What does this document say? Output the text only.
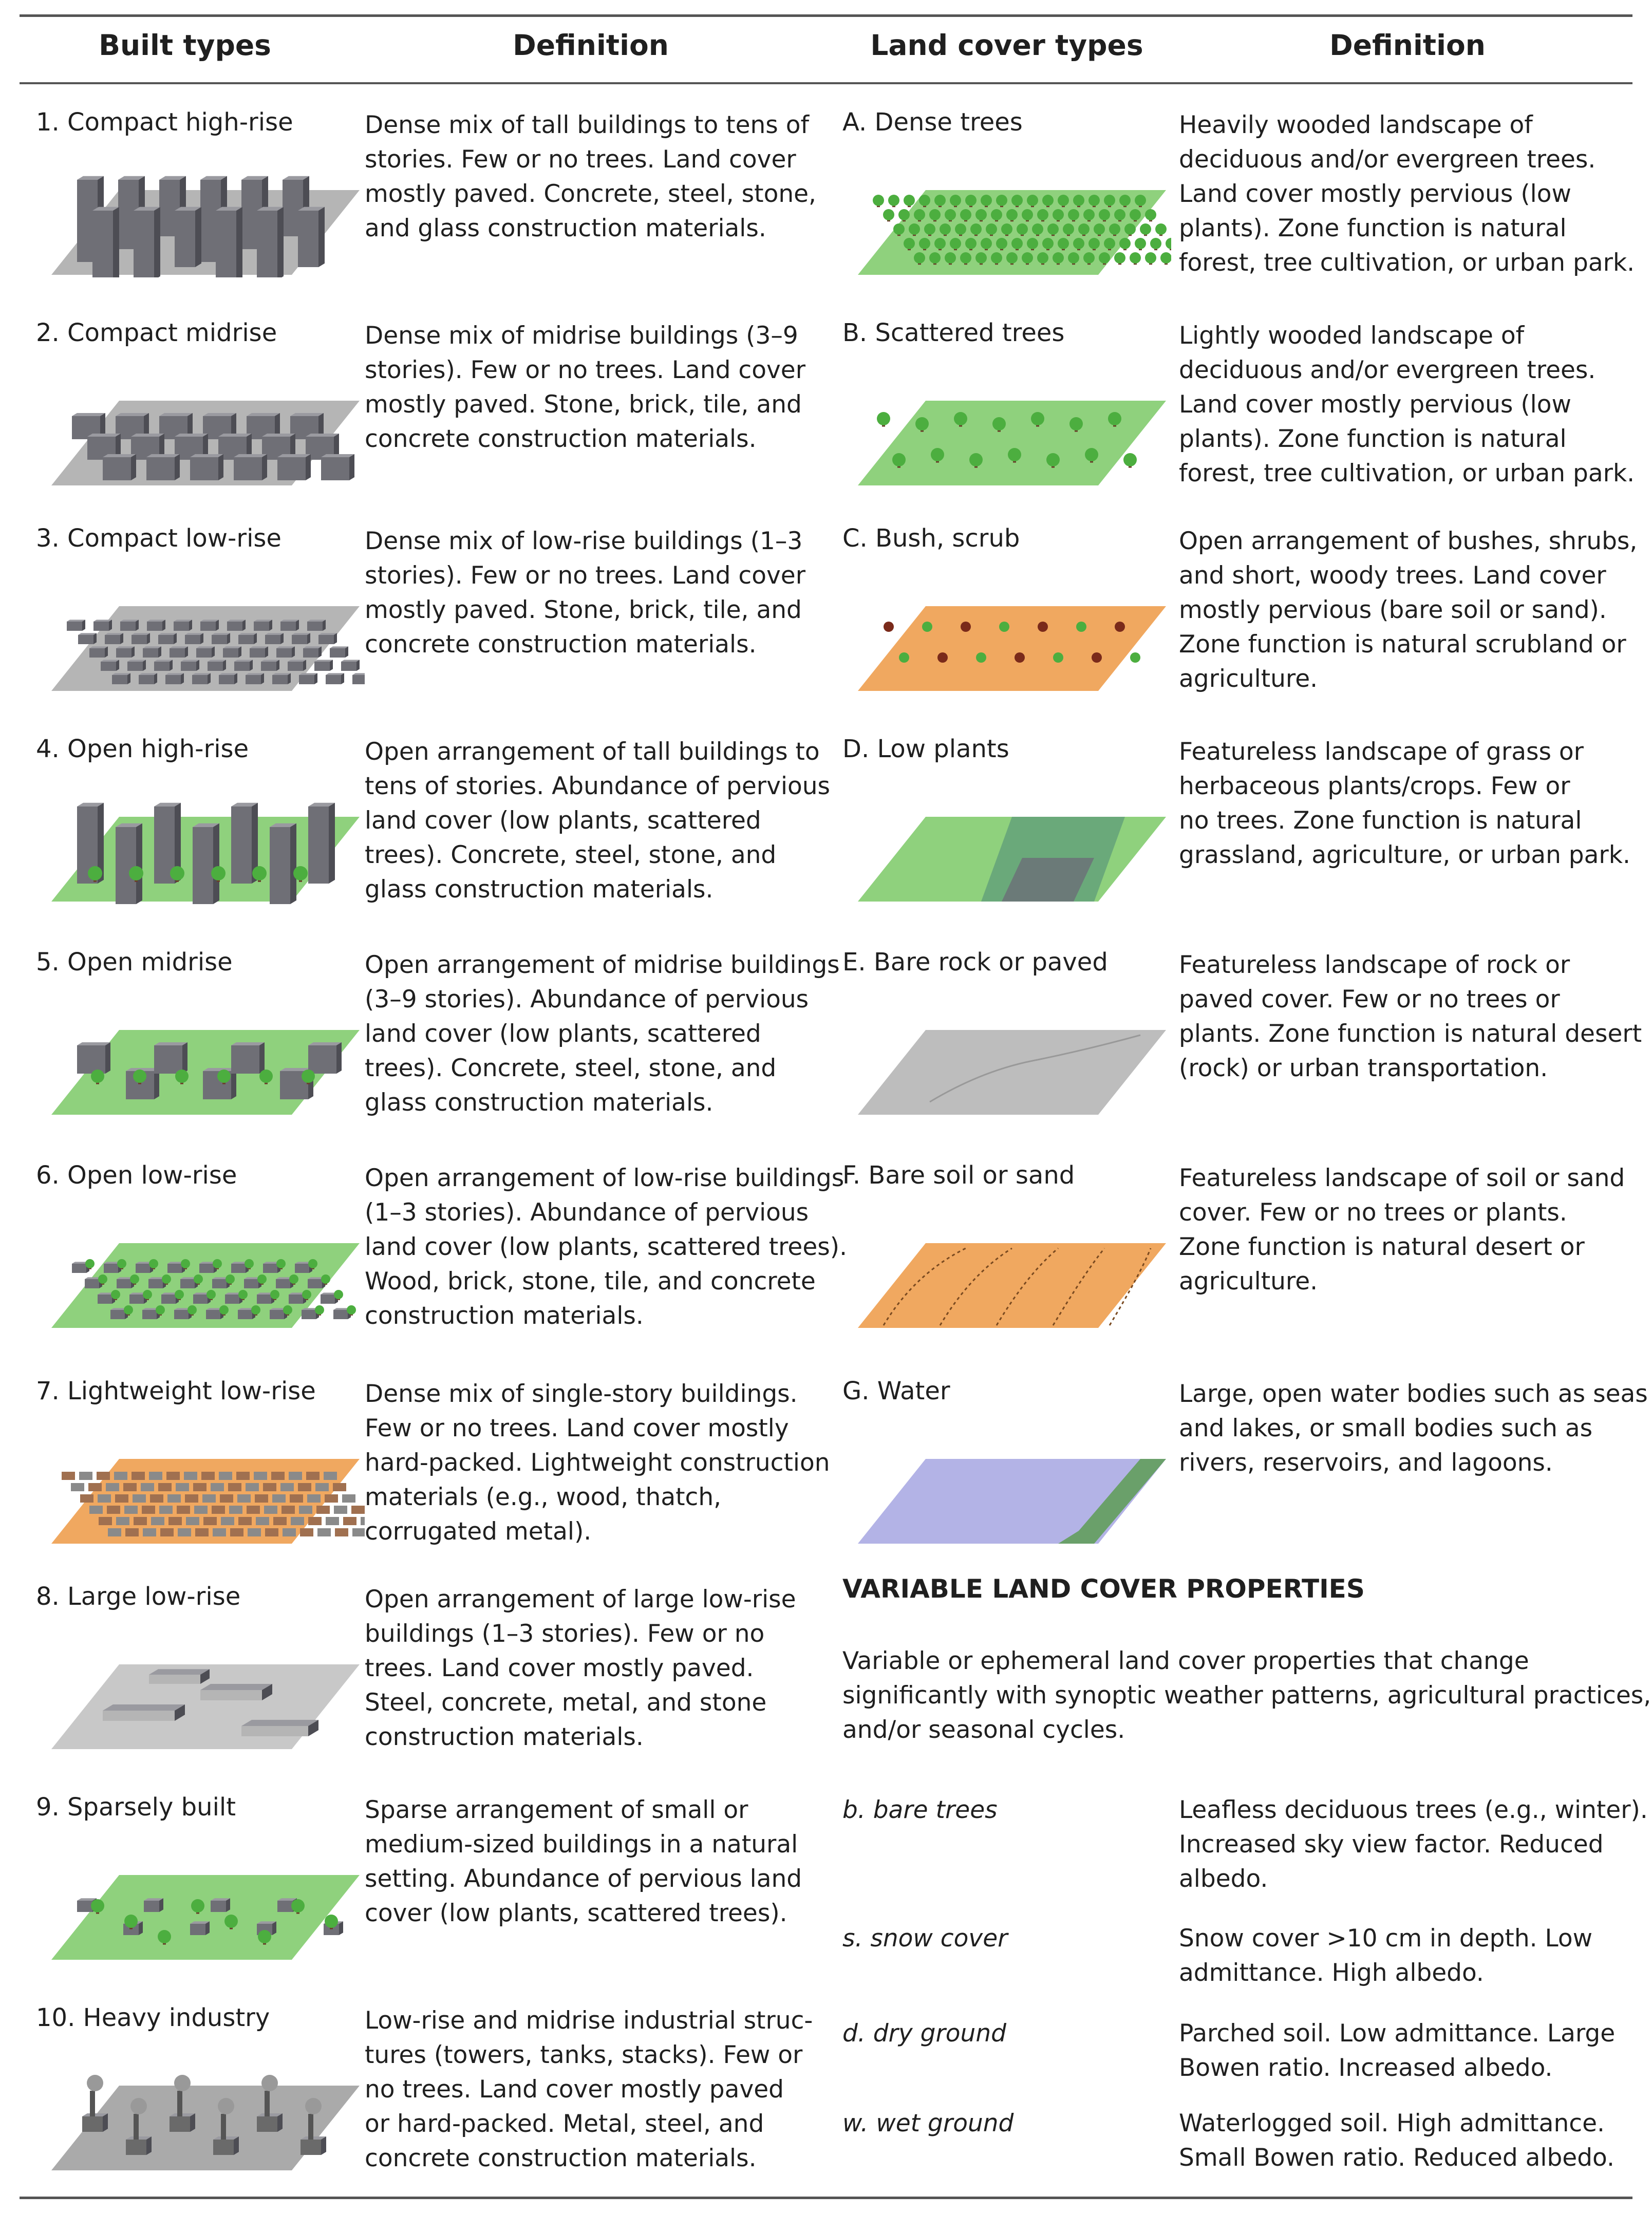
Built types	Definition	Land cover types	Definition
1. Compact high-rise	Dense mix of tall buildings to tens of
stories. Few or no trees. Land cover
mostly paved. Concrete, steel, stone,
and glass construction materials.
2. Compact midrise	Dense mix of midrise buildings (3–9
stories). Few or no trees. Land cover
mostly paved. Stone, brick, tile, and
concrete construction materials.
3. Compact low-rise	Dense mix of low-rise buildings (1–3
stories). Few or no trees. Land cover
mostly paved. Stone, brick, tile, and
concrete construction materials.
4. Open high-rise	Open arrangement of tall buildings to
tens of stories. Abundance of pervious
land cover (low plants, scattered
trees). Concrete, steel, stone, and
glass construction materials.
5. Open midrise	Open arrangement of midrise buildings
(3–9 stories). Abundance of pervious
land cover (low plants, scattered
trees). Concrete, steel, stone, and
glass construction materials.
6. Open low-rise	Open arrangement of low-rise buildings
(1–3 stories). Abundance of pervious
land cover (low plants, scattered trees).
Wood, brick, stone, tile, and concrete
construction materials.
7. Lightweight low-rise Dense mix of single-story buildings.
Few or no trees. Land cover mostly
hard-packed. Lightweight construction
materials (e.g., wood, thatch,
corrugated metal).
8. Large low-rise	Open arrangement of large low-rise
buildings (1–3 stories). Few or no
trees. Land cover mostly paved.
Steel, concrete, metal, and stone
construction materials.
9. Sparsely built	Sparse arrangement of small or
medium-sized buildings in a natural
setting. Abundance of pervious land
cover (low plants, scattered trees).
10. Heavy industry	Low-rise and midrise industrial struc-
tures (towers, tanks, stacks). Few or
no trees. Land cover mostly paved
or hard-packed. Metal, steel, and
concrete construction materials.
A. Dense trees	Heavily wooded landscape of
deciduous and/or evergreen trees.
Land cover mostly pervious (low
plants). Zone function is natural
forest, tree cultivation, or urban park.
B. Scattered trees	Lightly wooded landscape of
deciduous and/or evergreen trees.
Land cover mostly pervious (low
plants). Zone function is natural
forest, tree cultivation, or urban park.
C. Bush, scrub	Open arrangement of bushes, shrubs,
and short, woody trees. Land cover
mostly pervious (bare soil or sand).
Zone function is natural scrubland or
agriculture.
D. Low plants	Featureless landscape of grass or
herbaceous plants/crops. Few or
no trees. Zone function is natural
grassland, agriculture, or urban park.
E. Bare rock or paved	Featureless landscape of rock or
paved cover. Few or no trees or
plants. Zone function is natural desert
(rock) or urban transportation.
F. Bare soil or sand	Featureless landscape of soil or sand
cover. Few or no trees or plants.
Zone function is natural desert or
agriculture.
G. Water	Large, open water bodies such as seas
and lakes, or small bodies such as
rivers, reservoirs, and lagoons.
VARIABLE LAND COVER PROPERTIES
Variable or ephemeral land cover properties that change
significantly with synoptic weather patterns, agricultural practices,
and/or seasonal cycles.
b. bare trees	Leafless deciduous trees (e.g., winter).
Increased sky view factor. Reduced
albedo.
s. snow cover	Snow cover >10 cm in depth. Low
admittance. High albedo.
d. dry ground	Parched soil. Low admittance. Large
Bowen ratio. Increased albedo.
w. wet ground	Waterlogged soil. High admittance.
Small Bowen ratio. Reduced albedo.
